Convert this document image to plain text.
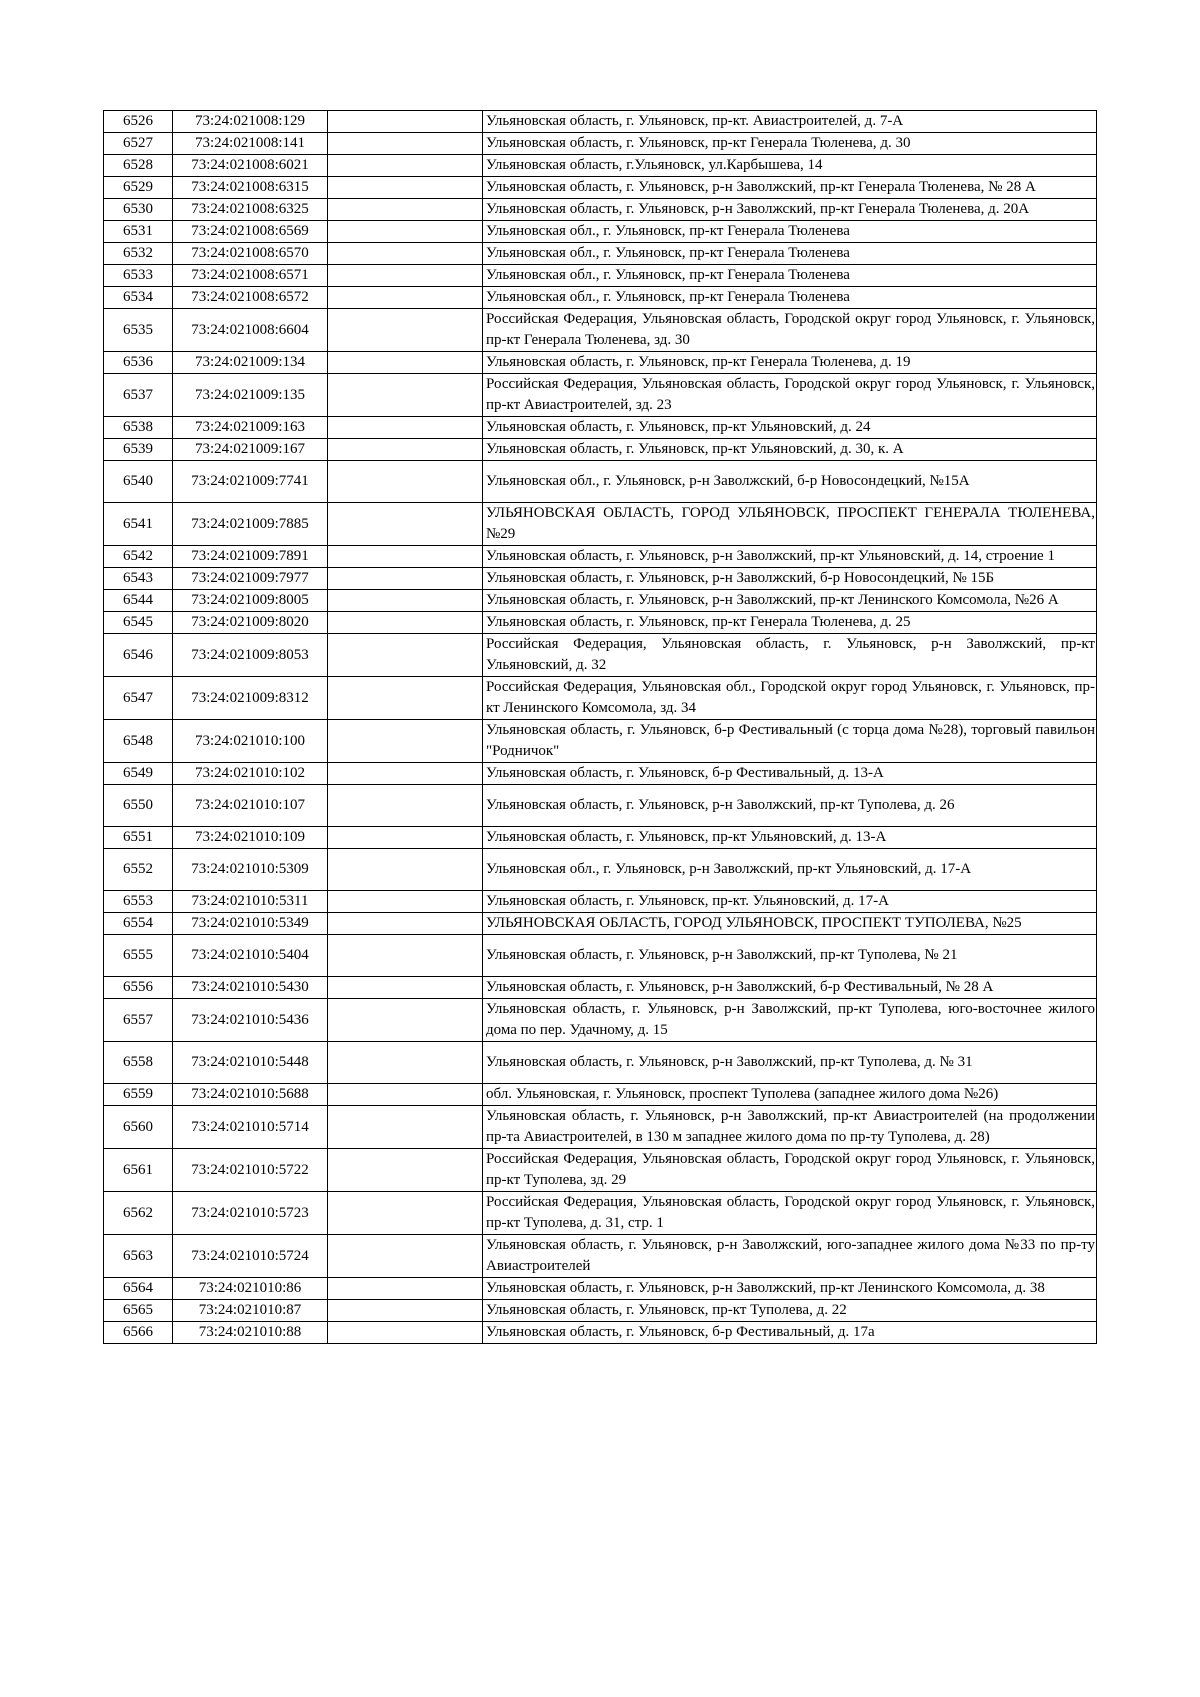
6526	73:24:021008:129		Ульяновская область, г. Ульяновск, пр-кт. Авиастроителей, д. 7-А
6527	73:24:021008:141		Ульяновская область, г. Ульяновск, пр-кт Генерала Тюленева, д. 30
6528	73:24:021008:6021		Ульяновская область, г.Ульяновск, ул.Карбышева, 14
6529	73:24:021008:6315		Ульяновская область, г. Ульяновск, р-н Заволжский, пр-кт Генерала Тюленева, № 28 А
6530	73:24:021008:6325		Ульяновская область, г. Ульяновск, р-н Заволжский, пр-кт Генерала Тюленева, д. 20А
6531	73:24:021008:6569		Ульяновская обл., г. Ульяновск, пр-кт Генерала Тюленева
6532	73:24:021008:6570		Ульяновская обл., г. Ульяновск, пр-кт Генерала Тюленева
6533	73:24:021008:6571		Ульяновская обл., г. Ульяновск, пр-кт Генерала Тюленева
6534	73:24:021008:6572		Ульяновская обл., г. Ульяновск, пр-кт Генерала Тюленева
6535	73:24:021008:6604		Российская Федерация, Ульяновская область, Городской округ город Ульяновск, г. Ульяновск, пр-кт Генерала Тюленева, зд. 30
6536	73:24:021009:134		Ульяновская область, г. Ульяновск, пр-кт Генерала Тюленева, д. 19
6537	73:24:021009:135		Российская Федерация, Ульяновская область, Городской округ город Ульяновск, г. Ульяновск, пр-кт Авиастроителей, зд. 23
6538	73:24:021009:163		Ульяновская область, г. Ульяновск, пр-кт Ульяновский, д. 24
6539	73:24:021009:167		Ульяновская область, г. Ульяновск, пр-кт Ульяновский, д. 30, к. А
6540	73:24:021009:7741		Ульяновская обл., г. Ульяновск, р-н Заволжский, б-р Новосондецкий, №15А
6541	73:24:021009:7885		УЛЬЯНОВСКАЯ ОБЛАСТЬ, ГОРОД УЛЬЯНОВСК, ПРОСПЕКТ ГЕНЕРАЛА ТЮЛЕНЕВА, №29
6542	73:24:021009:7891		Ульяновская область, г. Ульяновск, р-н Заволжский, пр-кт Ульяновский, д. 14, строение 1
6543	73:24:021009:7977		Ульяновская область, г. Ульяновск, р-н Заволжский, б-р Новосондецкий, № 15Б
6544	73:24:021009:8005		Ульяновская область, г. Ульяновск, р-н Заволжский, пр-кт Ленинского Комсомола, №26 А
6545	73:24:021009:8020		Ульяновская область, г. Ульяновск, пр-кт Генерала Тюленева, д. 25
6546	73:24:021009:8053		Российская Федерация, Ульяновская область, г. Ульяновск, р-н Заволжский, пр-кт Ульяновский, д. 32
6547	73:24:021009:8312		Российская Федерация, Ульяновская обл., Городской округ город Ульяновск, г. Ульяновск, пр-кт Ленинского Комсомола, зд. 34
6548	73:24:021010:100		Ульяновская область, г. Ульяновск, б-р Фестивальный (с торца дома №28), торговый павильон "Родничок"
6549	73:24:021010:102		Ульяновская область, г. Ульяновск, б-р Фестивальный, д. 13-А
6550	73:24:021010:107		Ульяновская область, г. Ульяновск, р-н Заволжский, пр-кт Туполева, д. 26
6551	73:24:021010:109		Ульяновская область, г. Ульяновск, пр-кт Ульяновский, д. 13-А
6552	73:24:021010:5309		Ульяновская обл., г. Ульяновск, р-н Заволжский, пр-кт Ульяновский, д. 17-А
6553	73:24:021010:5311		Ульяновская область, г. Ульяновск, пр-кт. Ульяновский, д. 17-А
6554	73:24:021010:5349		УЛЬЯНОВСКАЯ ОБЛАСТЬ, ГОРОД УЛЬЯНОВСК, ПРОСПЕКТ ТУПОЛЕВА, №25
6555	73:24:021010:5404		Ульяновская область, г. Ульяновск, р-н Заволжский, пр-кт Туполева, № 21
6556	73:24:021010:5430		Ульяновская область, г. Ульяновск, р-н Заволжский, б-р Фестивальный, № 28 А
6557	73:24:021010:5436		Ульяновская область, г. Ульяновск, р-н Заволжский, пр-кт Туполева, юго-восточнее жилого дома по пер. Удачному, д. 15
6558	73:24:021010:5448		Ульяновская область, г. Ульяновск, р-н Заволжский, пр-кт Туполева, д. № 31
6559	73:24:021010:5688		обл. Ульяновская, г. Ульяновск, проспект Туполева (западнее жилого дома №26)
6560	73:24:021010:5714		Ульяновская область, г. Ульяновск, р-н Заволжский, пр-кт Авиастроителей (на продолжении пр-та Авиастроителей, в 130 м западнее жилого дома по пр-ту Туполева, д. 28)
6561	73:24:021010:5722		Российская Федерация, Ульяновская область, Городской округ город Ульяновск, г. Ульяновск, пр-кт Туполева, зд. 29
6562	73:24:021010:5723		Российская Федерация, Ульяновская область, Городской округ город Ульяновск, г. Ульяновск, пр-кт Туполева, д. 31, стр. 1
6563	73:24:021010:5724		Ульяновская область, г. Ульяновск, р-н Заволжский, юго-западнее жилого дома №33 по пр-ту Авиастроителей
6564	73:24:021010:86		Ульяновская область, г. Ульяновск, р-н Заволжский, пр-кт Ленинского Комсомола, д. 38
6565	73:24:021010:87		Ульяновская область, г. Ульяновск, пр-кт Туполева, д. 22
6566	73:24:021010:88		Ульяновская область, г. Ульяновск, б-р Фестивальный, д. 17а
